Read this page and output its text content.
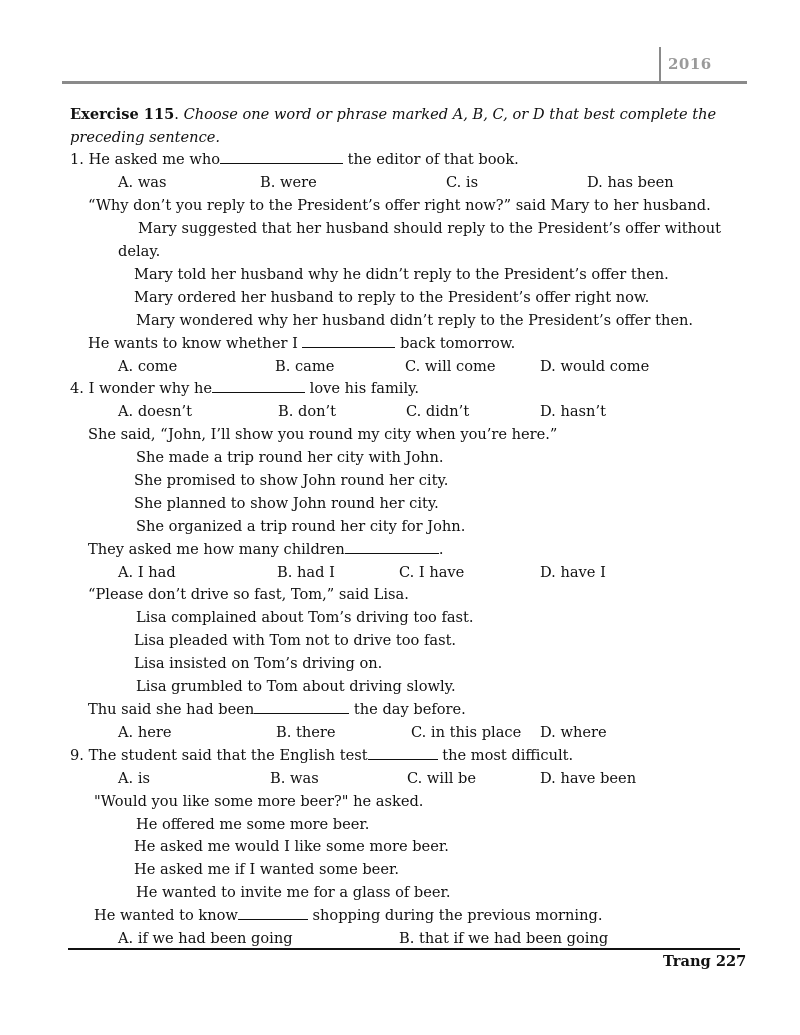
2016
Exercise 115. Choose one word or phrase marked A, B, C, or D that best complete the
preceding sentence.
1. He asked me who	the editor of that book.
A. was	B. were	C. is	D. has been
“Why don’t you reply to the President’s offer right now?” said Mary to her husband.
Mary suggested that her husband should reply to the President’s offer without
delay.
Mary told her husband why he didn’t reply to the President’s offer then.
Mary ordered her husband to reply to the President’s offer right now.
Mary wondered why her husband didn’t reply to the President’s offer then.
He wants to know whether I	back tomorrow.
A. come	B. came	C. will come	D. would come
4. I wonder why he	love his family.
A. doesn’t	B. don’t	C. didn’t	D. hasn’t
She said, “John, I’ll show you round my city when you’re here.”
She made a trip round her city with John.
She promised to show John round her city.
She planned to show John round her city.
She organized a trip round her city for John.
They asked me how many children	.
A. I had	B. had I	C. I have	D. have I
“Please don’t drive so fast, Tom,” said Lisa.
Lisa complained about Tom’s driving too fast.
Lisa pleaded with Tom not to drive too fast.
Lisa insisted on Tom’s driving on.
Lisa grumbled to Tom about driving slowly.
Thu said she had been	the day before.
A. here	B. there	C. in this place D. where
9. The student said that the English test	the most difficult.
A. is	B. was	C. will be	D. have been
"Would you like some more beer?" he asked.
He offered me some more beer.
He asked me would I like some more beer.
He asked me if I wanted some beer.
He wanted to invite me for a glass of beer.
He wanted to know	shopping during the previous morning.
A. if we had been going	B. that if we had been going
Trang 227
